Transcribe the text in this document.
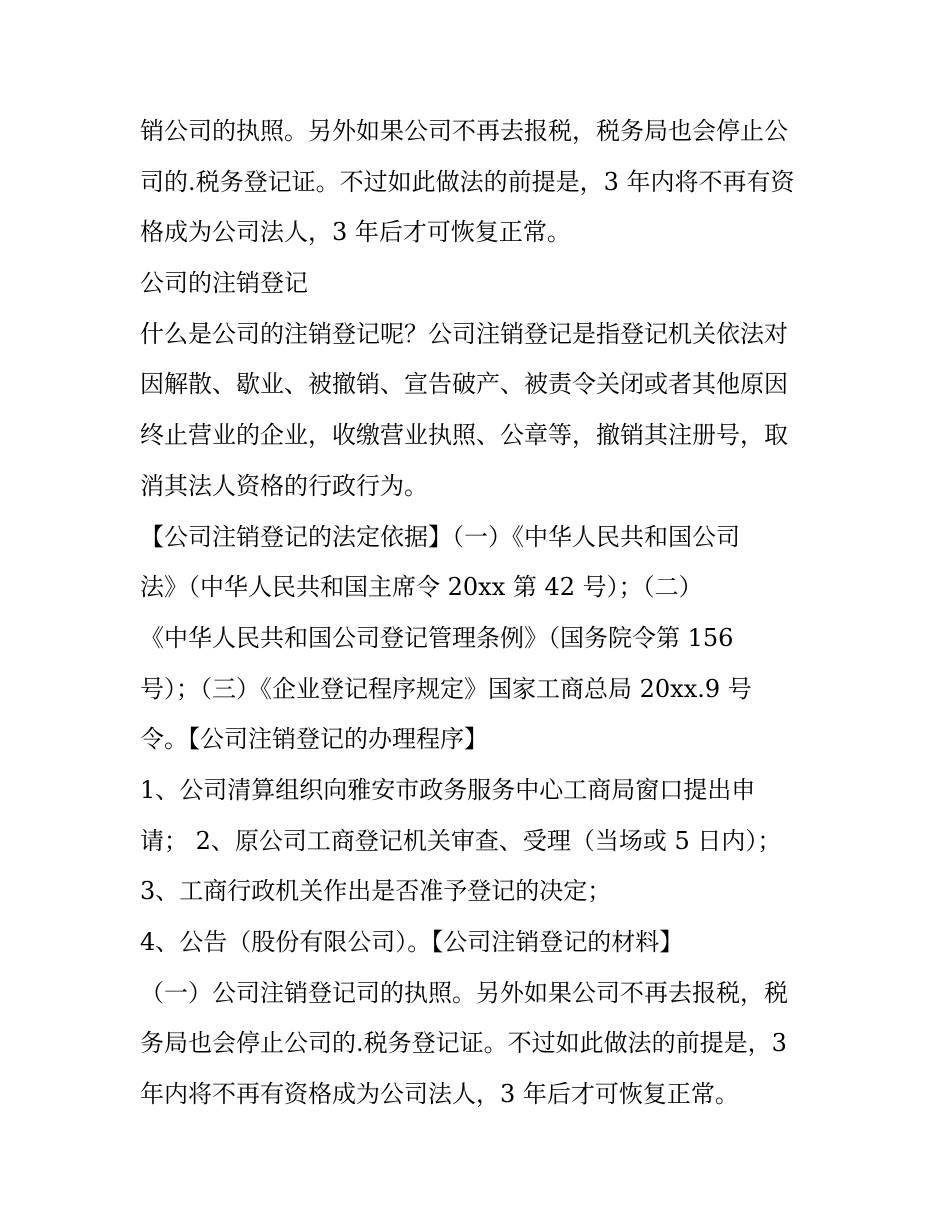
销公司的执照。另外如果公司不再去报税，税务局也会停止公
司的.税务登记证。不过如此做法的前提是，3 年内将不再有资
格成为公司法人，3 年后才可恢复正常。
公司的注销登记
什么是公司的注销登记呢？公司注销登记是指登记机关依法对
因解散、歇业、被撤销、宣告破产、被责令关闭或者其他原因
终止营业的企业，收缴营业执照、公章等，撤销其注册号，取
消其法人资格的行政行为。
【公司注销登记的法定依据】（一）《中华人民共和国公司
法》（中华人民共和国主席令 20xx 第 42 号）；（二）
《中华人民共和国公司登记管理条例》（国务院令第 156
号）；（三）《企业登记程序规定》国家工商总局 20xx.9 号
令。【公司注销登记的办理程序】
1、公司清算组织向雅安市政务服务中心工商局窗口提出申
请； 2、原公司工商登记机关审查、受理（当场或 5 日内）；
3、工商行政机关作出是否准予登记的决定；
4、公告（股份有限公司）。【公司注销登记的材料】
（一）公司注销登记司的执照。另外如果公司不再去报税，税
务局也会停止公司的.税务登记证。不过如此做法的前提是，3
年内将不再有资格成为公司法人，3 年后才可恢复正常。
